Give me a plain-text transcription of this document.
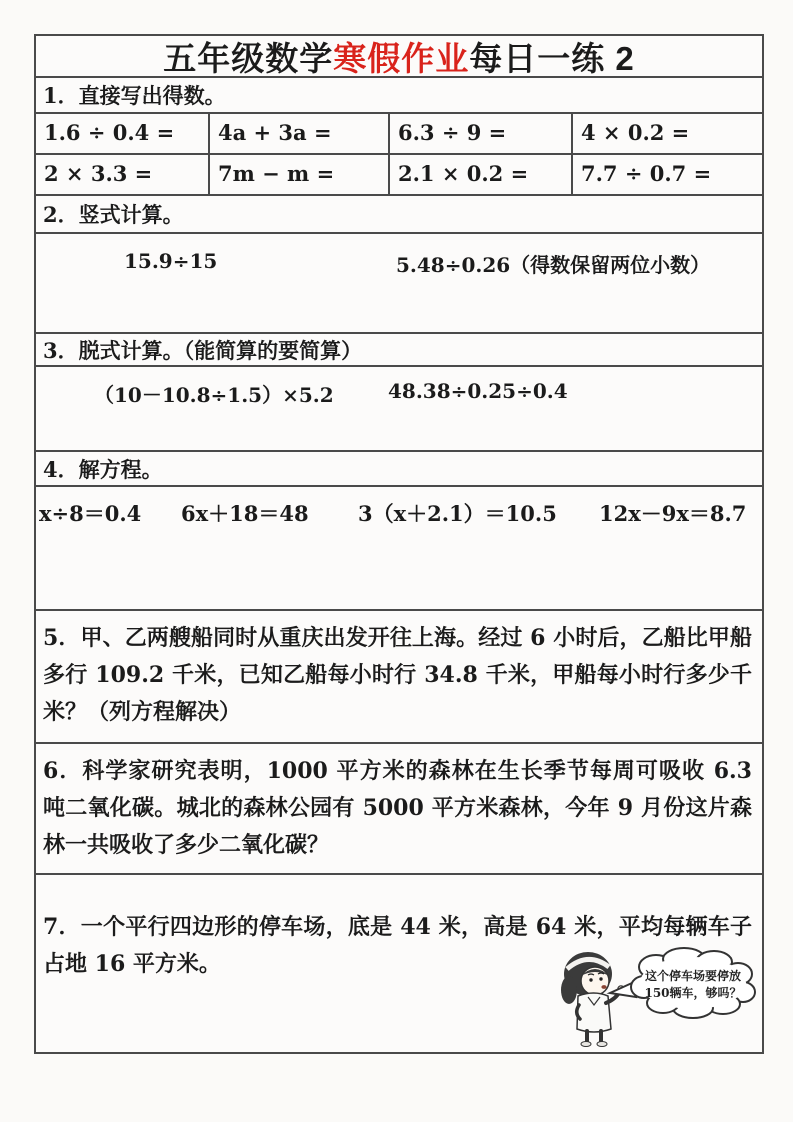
五年级数学 寒假作业 每日一练 2
1．直接写出得数。
1.6 ÷ 0.4 =	4a + 3a =	6.3 ÷ 9 =	4 × 0.2 =
2 × 3.3 =	7m − m =	2.1 × 0.2 =	7.7 ÷ 0.7 =
2．竖式计算。
15.9÷15	5.48÷0.26（得数保留两位小数）
3．脱式计算。（能简算的要简算）
（10－10.8÷1.5）×5.2	48.38÷0.25÷0.4
4．解方程。
x÷8＝0.4 6x＋18＝48 3（x＋2.1）＝10.5 12x－9x＝8.7
5．甲、乙两艘船同时从重庆出发开往上海。经过 6 小时后，乙船比甲船多行 109.2 千米，已知乙船每小时行 34.8 千米，甲船每小时行多少千米？（列方程解决）
6．科学家研究表明，1000 平方米的森林在生长季节每周可吸收 6.3 吨二氧化碳。城北的森林公园有 5000 平方米森林，今年 9 月份这片森林一共吸收了多少二氧化碳？
7．一个平行四边形的停车场，底是 44 米，高是 64 米，平均每辆车子占地 16 平方米。	这个停车场要停放
150辆车，够吗？
